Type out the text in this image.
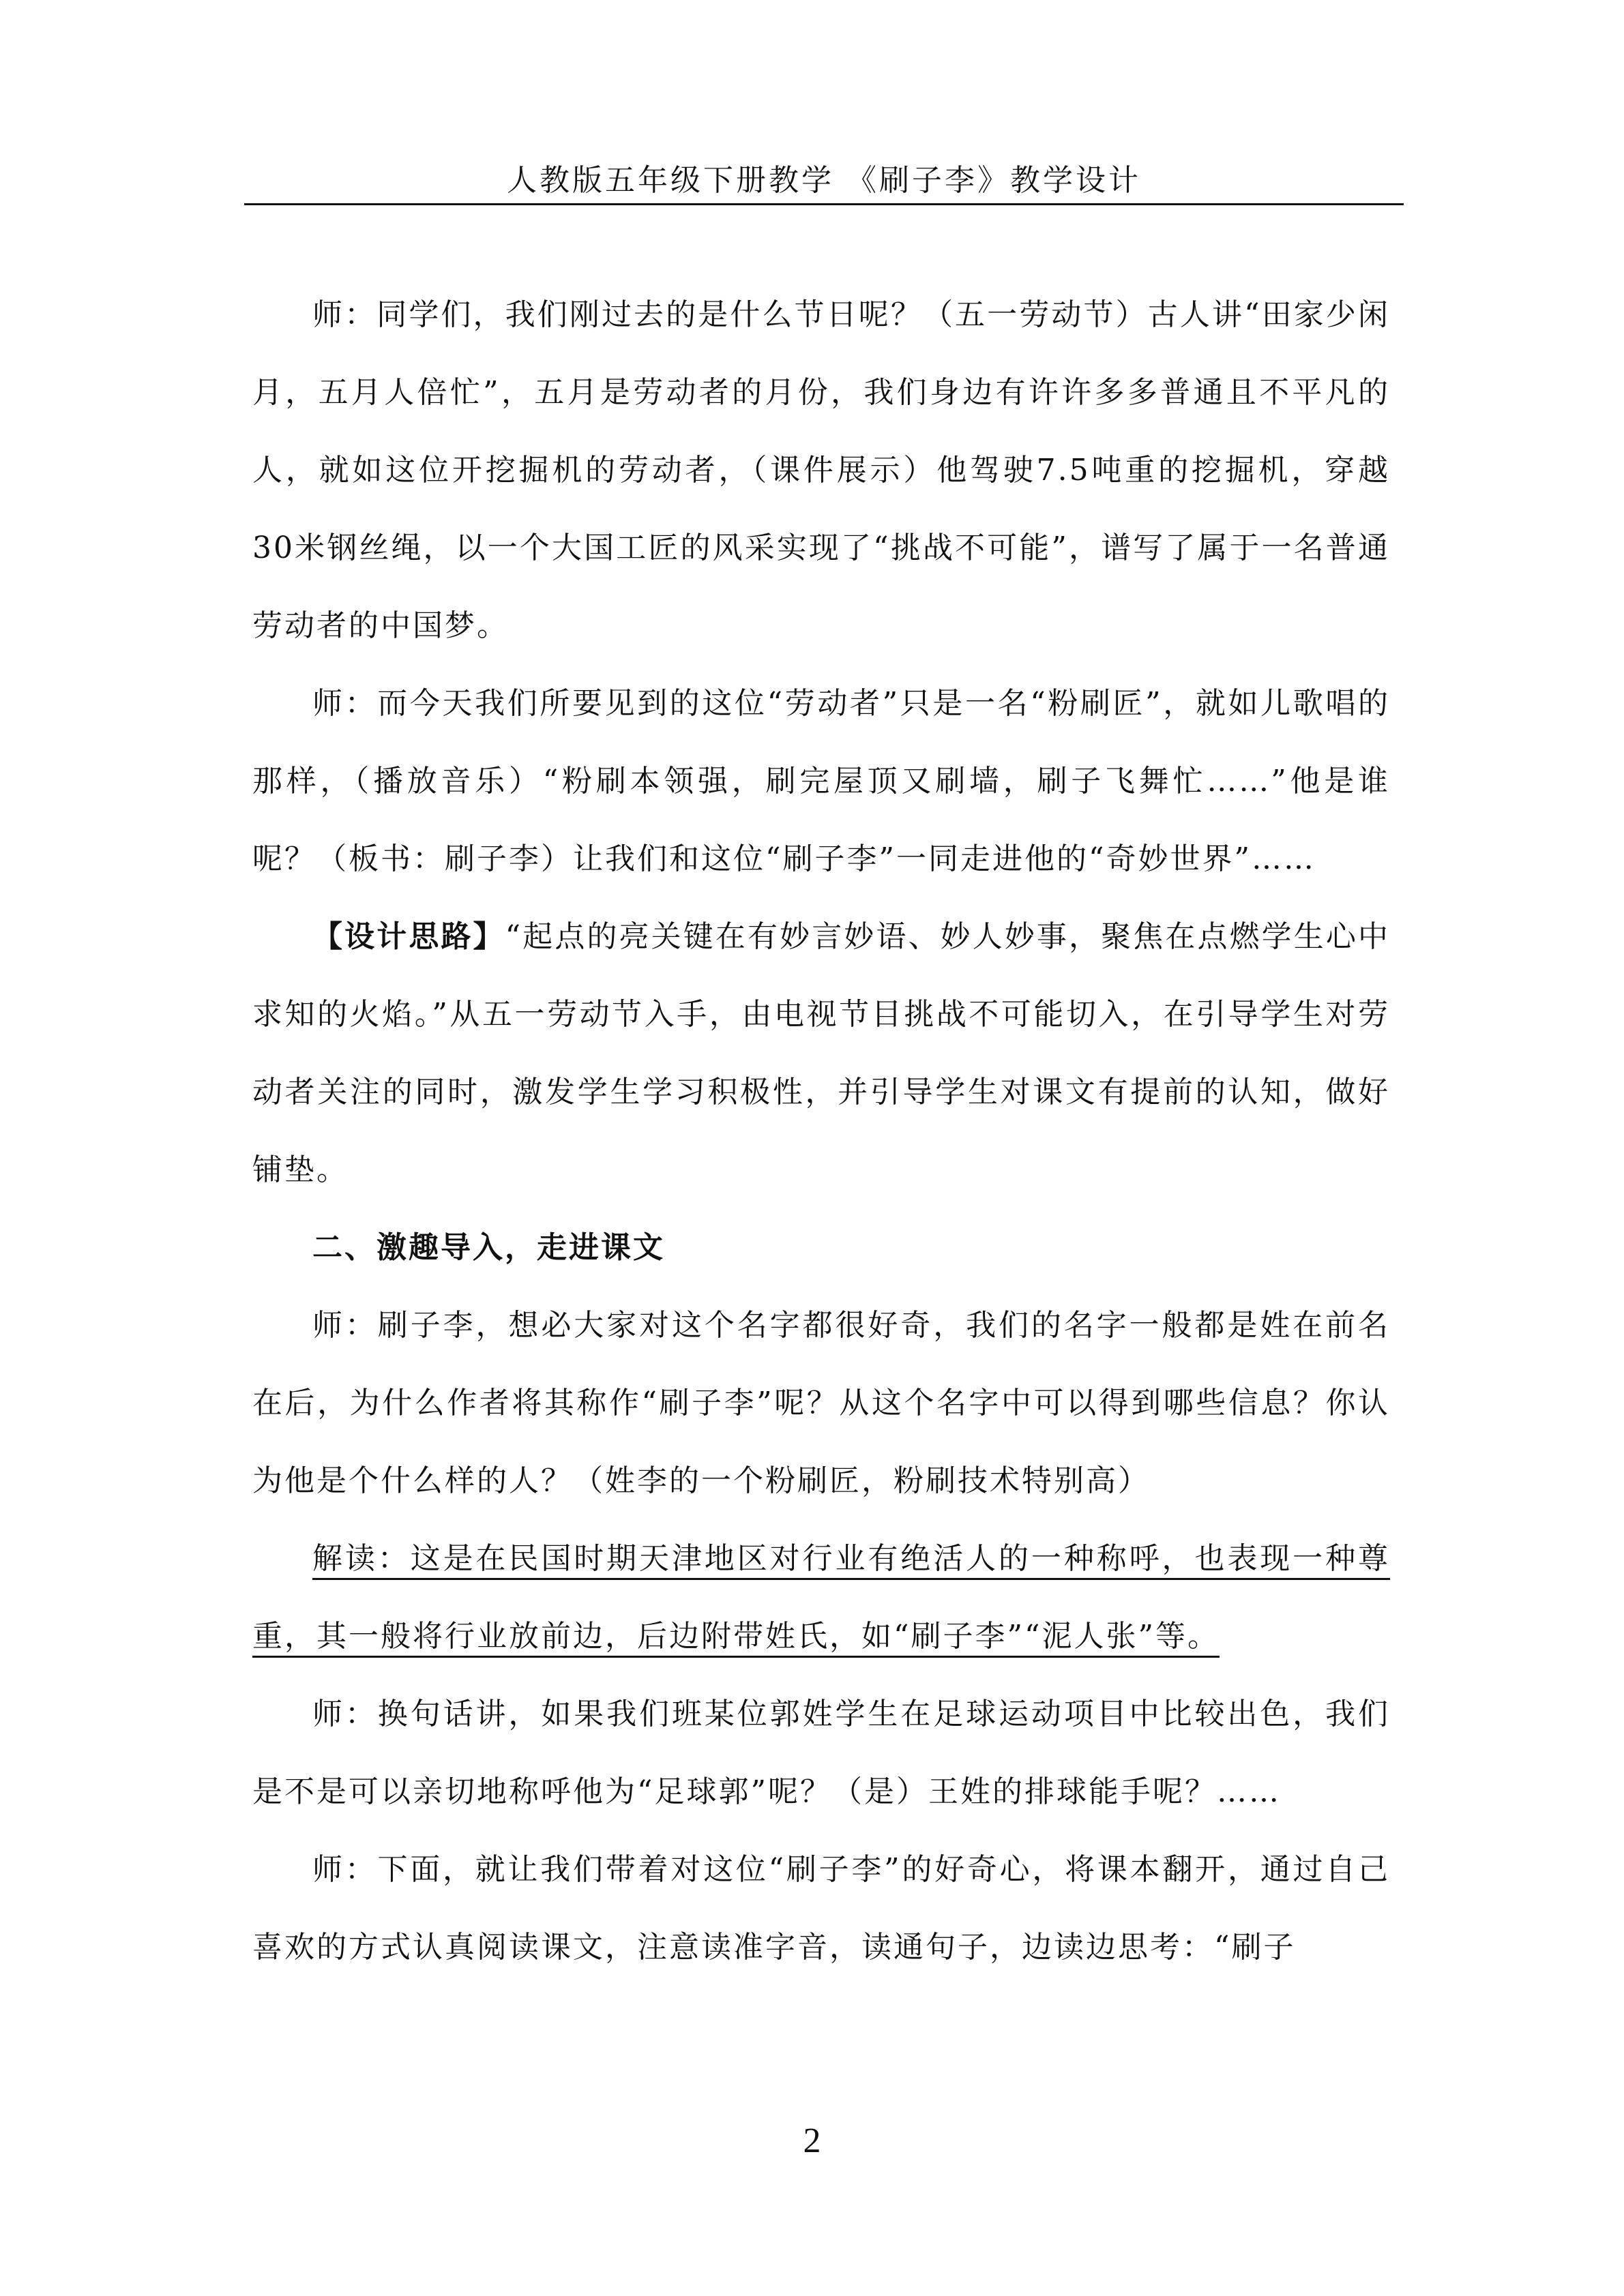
人教版五年级下册教学 《刷子李》教学设计

师：同学们，我们刚过去的是什么节日呢？（五一劳动节）古人讲“田家少闲月，五月人倍忙”，五月是劳动者的月份，我们身边有许许多多普通且不平凡的人，就如这位开挖掘机的劳动者，（课件展示）他驾驶7.5吨重的挖掘机，穿越30米钢丝绳，以一个大国工匠的风采实现了“挑战不可能”，谱写了属于一名普通劳动者的中国梦。

师：而今天我们所要见到的这位“劳动者”只是一名“粉刷匠”，就如儿歌唱的那样，（播放音乐）“粉刷本领强，刷完屋顶又刷墙，刷子飞舞忙……”他是谁呢？（板书：刷子李）让我们和这位“刷子李”一同走进他的“奇妙世界”……

【设计思路】“起点的亮关键在有妙言妙语、妙人妙事，聚焦在点燃学生心中求知的火焰。”从五一劳动节入手，由电视节目挑战不可能切入，在引导学生对劳动者关注的同时，激发学生学习积极性，并引导学生对课文有提前的认知，做好铺垫。

二、激趣导入，走进课文

师：刷子李，想必大家对这个名字都很好奇，我们的名字一般都是姓在前名在后，为什么作者将其称作“刷子李”呢？从这个名字中可以得到哪些信息？你认为他是个什么样的人？（姓李的一个粉刷匠，粉刷技术特别高）

解读：这是在民国时期天津地区对行业有绝活人的一种称呼，也表现一种尊重，其一般将行业放前边，后边附带姓氏，如“刷子李”“泥人张”等。

师：换句话讲，如果我们班某位郭姓学生在足球运动项目中比较出色，我们是不是可以亲切地称呼他为“足球郭”呢？（是）王姓的排球能手呢？……

师：下面，就让我们带着对这位“刷子李”的好奇心，将课本翻开，通过自己喜欢的方式认真阅读课文，注意读准字音，读通句子，边读边思考：“刷子

2
